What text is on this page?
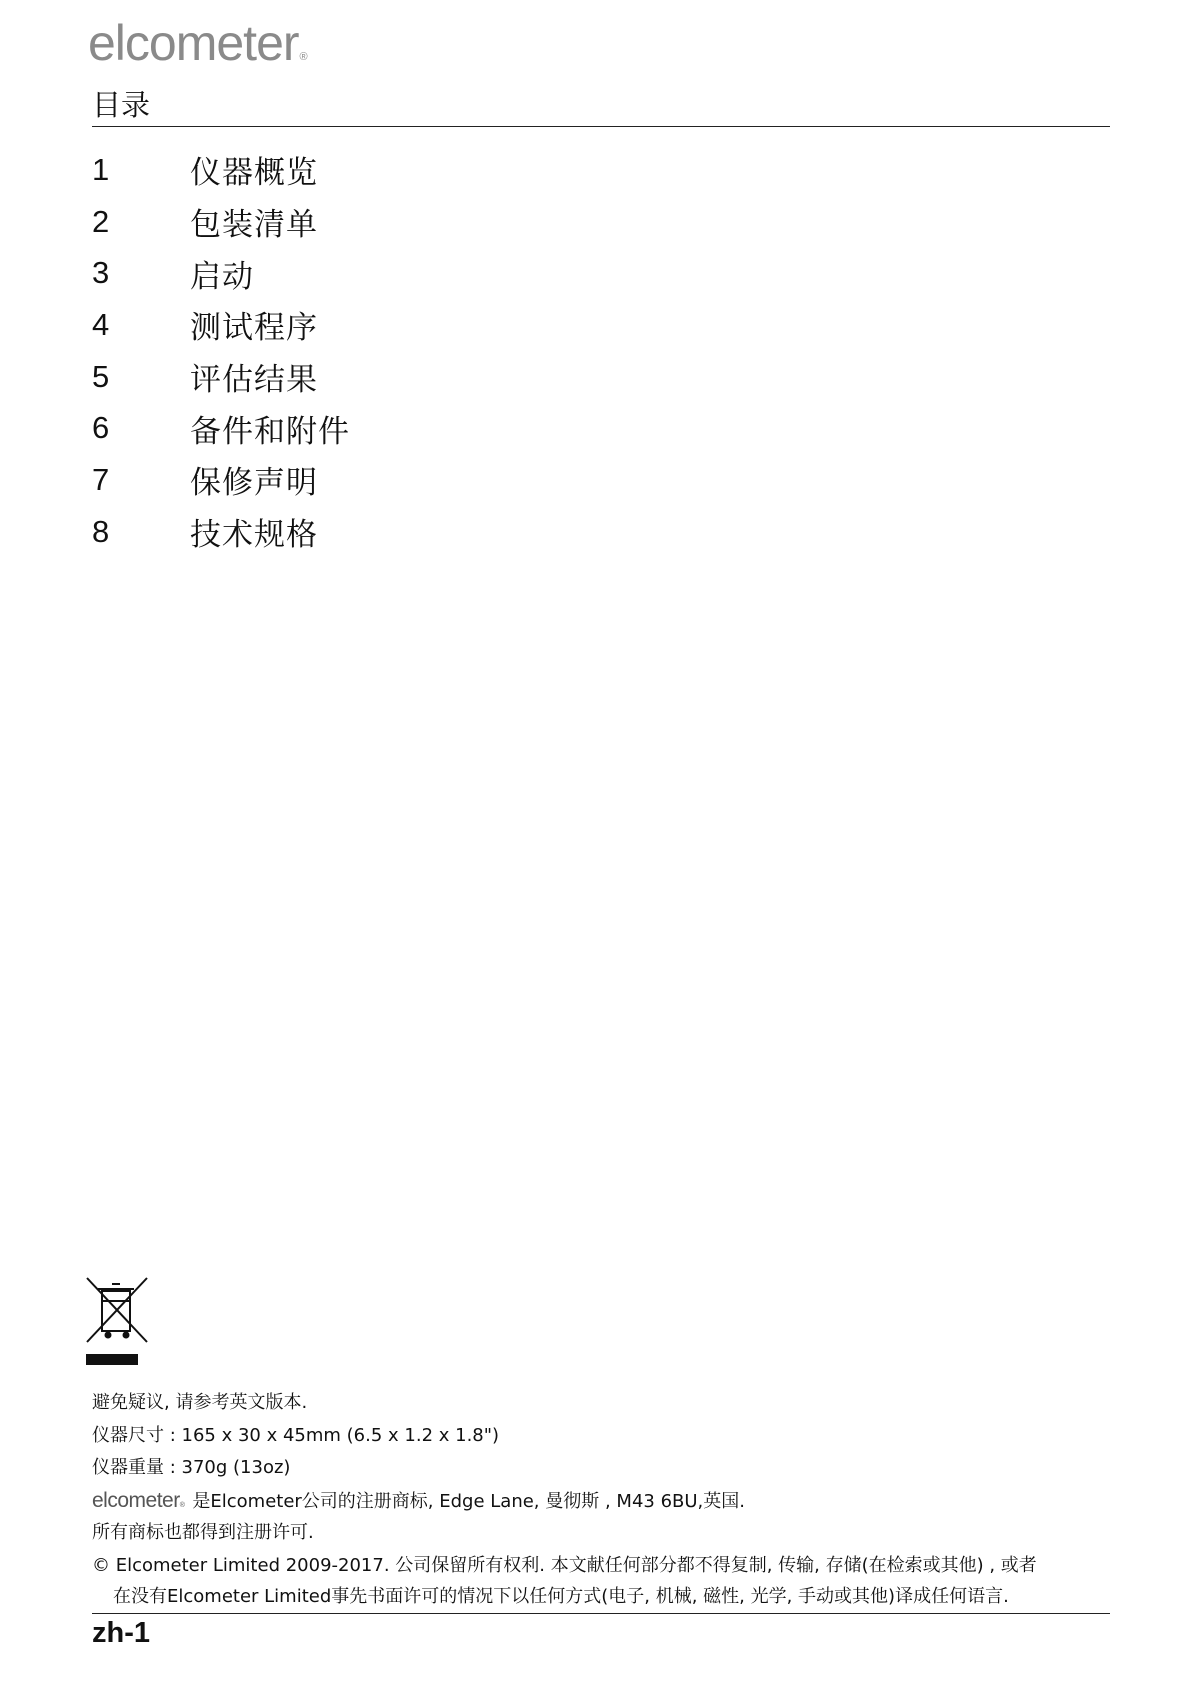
elcometer®
目录
1	仪器概览
2	包装清单
3	启动
4	测试程序
5	评估结果
6	备件和附件
7	保修声明
8	技术规格
避免疑议, 请参考英文版本.
仪器尺寸 : 165 x 30 x 45mm (6.5 x 1.2 x 1.8")
仪器重量 : 370g (13oz)
elcometer® 是Elcometer公司的注册商标, Edge Lane, 曼彻斯 , M43 6BU,英国.
所有商标也都得到注册许可.
© Elcometer Limited 2009-2017. 公司保留所有权利. 本文献任何部分都不得复制, 传输, 存储(在检索或其他) , 或者
在没有Elcometer Limited事先书面许可的情况下以任何方式(电子, 机械, 磁性, 光学, 手动或其他)译成任何语言.
zh-1
